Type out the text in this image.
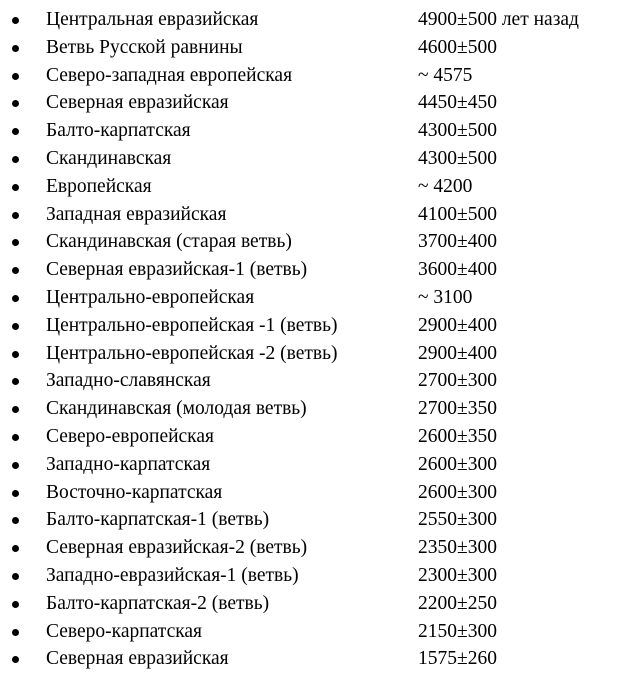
Центральная евразийская	4900±500 лет назад
Ветвь Русской равнины	4600±500
Северо-западная европейская	~ 4575
Северная евразийская	4450±450
Балто-карпатская	4300±500
Скандинавская	4300±500
Европейская	~ 4200
Западная евразийская	4100±500
Скандинавская (старая ветвь)	3700±400
Северная евразийская-1 (ветвь)	3600±400
Центрально-европейская	~ 3100
Центрально-европейская -1 (ветвь)	2900±400
Центрально-европейская -2 (ветвь)	2900±400
Западно-славянская	2700±300
Скандинавская (молодая ветвь)	2700±350
Северо-европейская	2600±350
Западно-карпатская	2600±300
Восточно-карпатская	2600±300
Балто-карпатская-1 (ветвь)	2550±300
Северная евразийская-2 (ветвь)	2350±300
Западно-евразийская-1 (ветвь)	2300±300
Балто-карпатская-2 (ветвь)	2200±250
Северо-карпатская	2150±300
Северная евразийская	1575±260
